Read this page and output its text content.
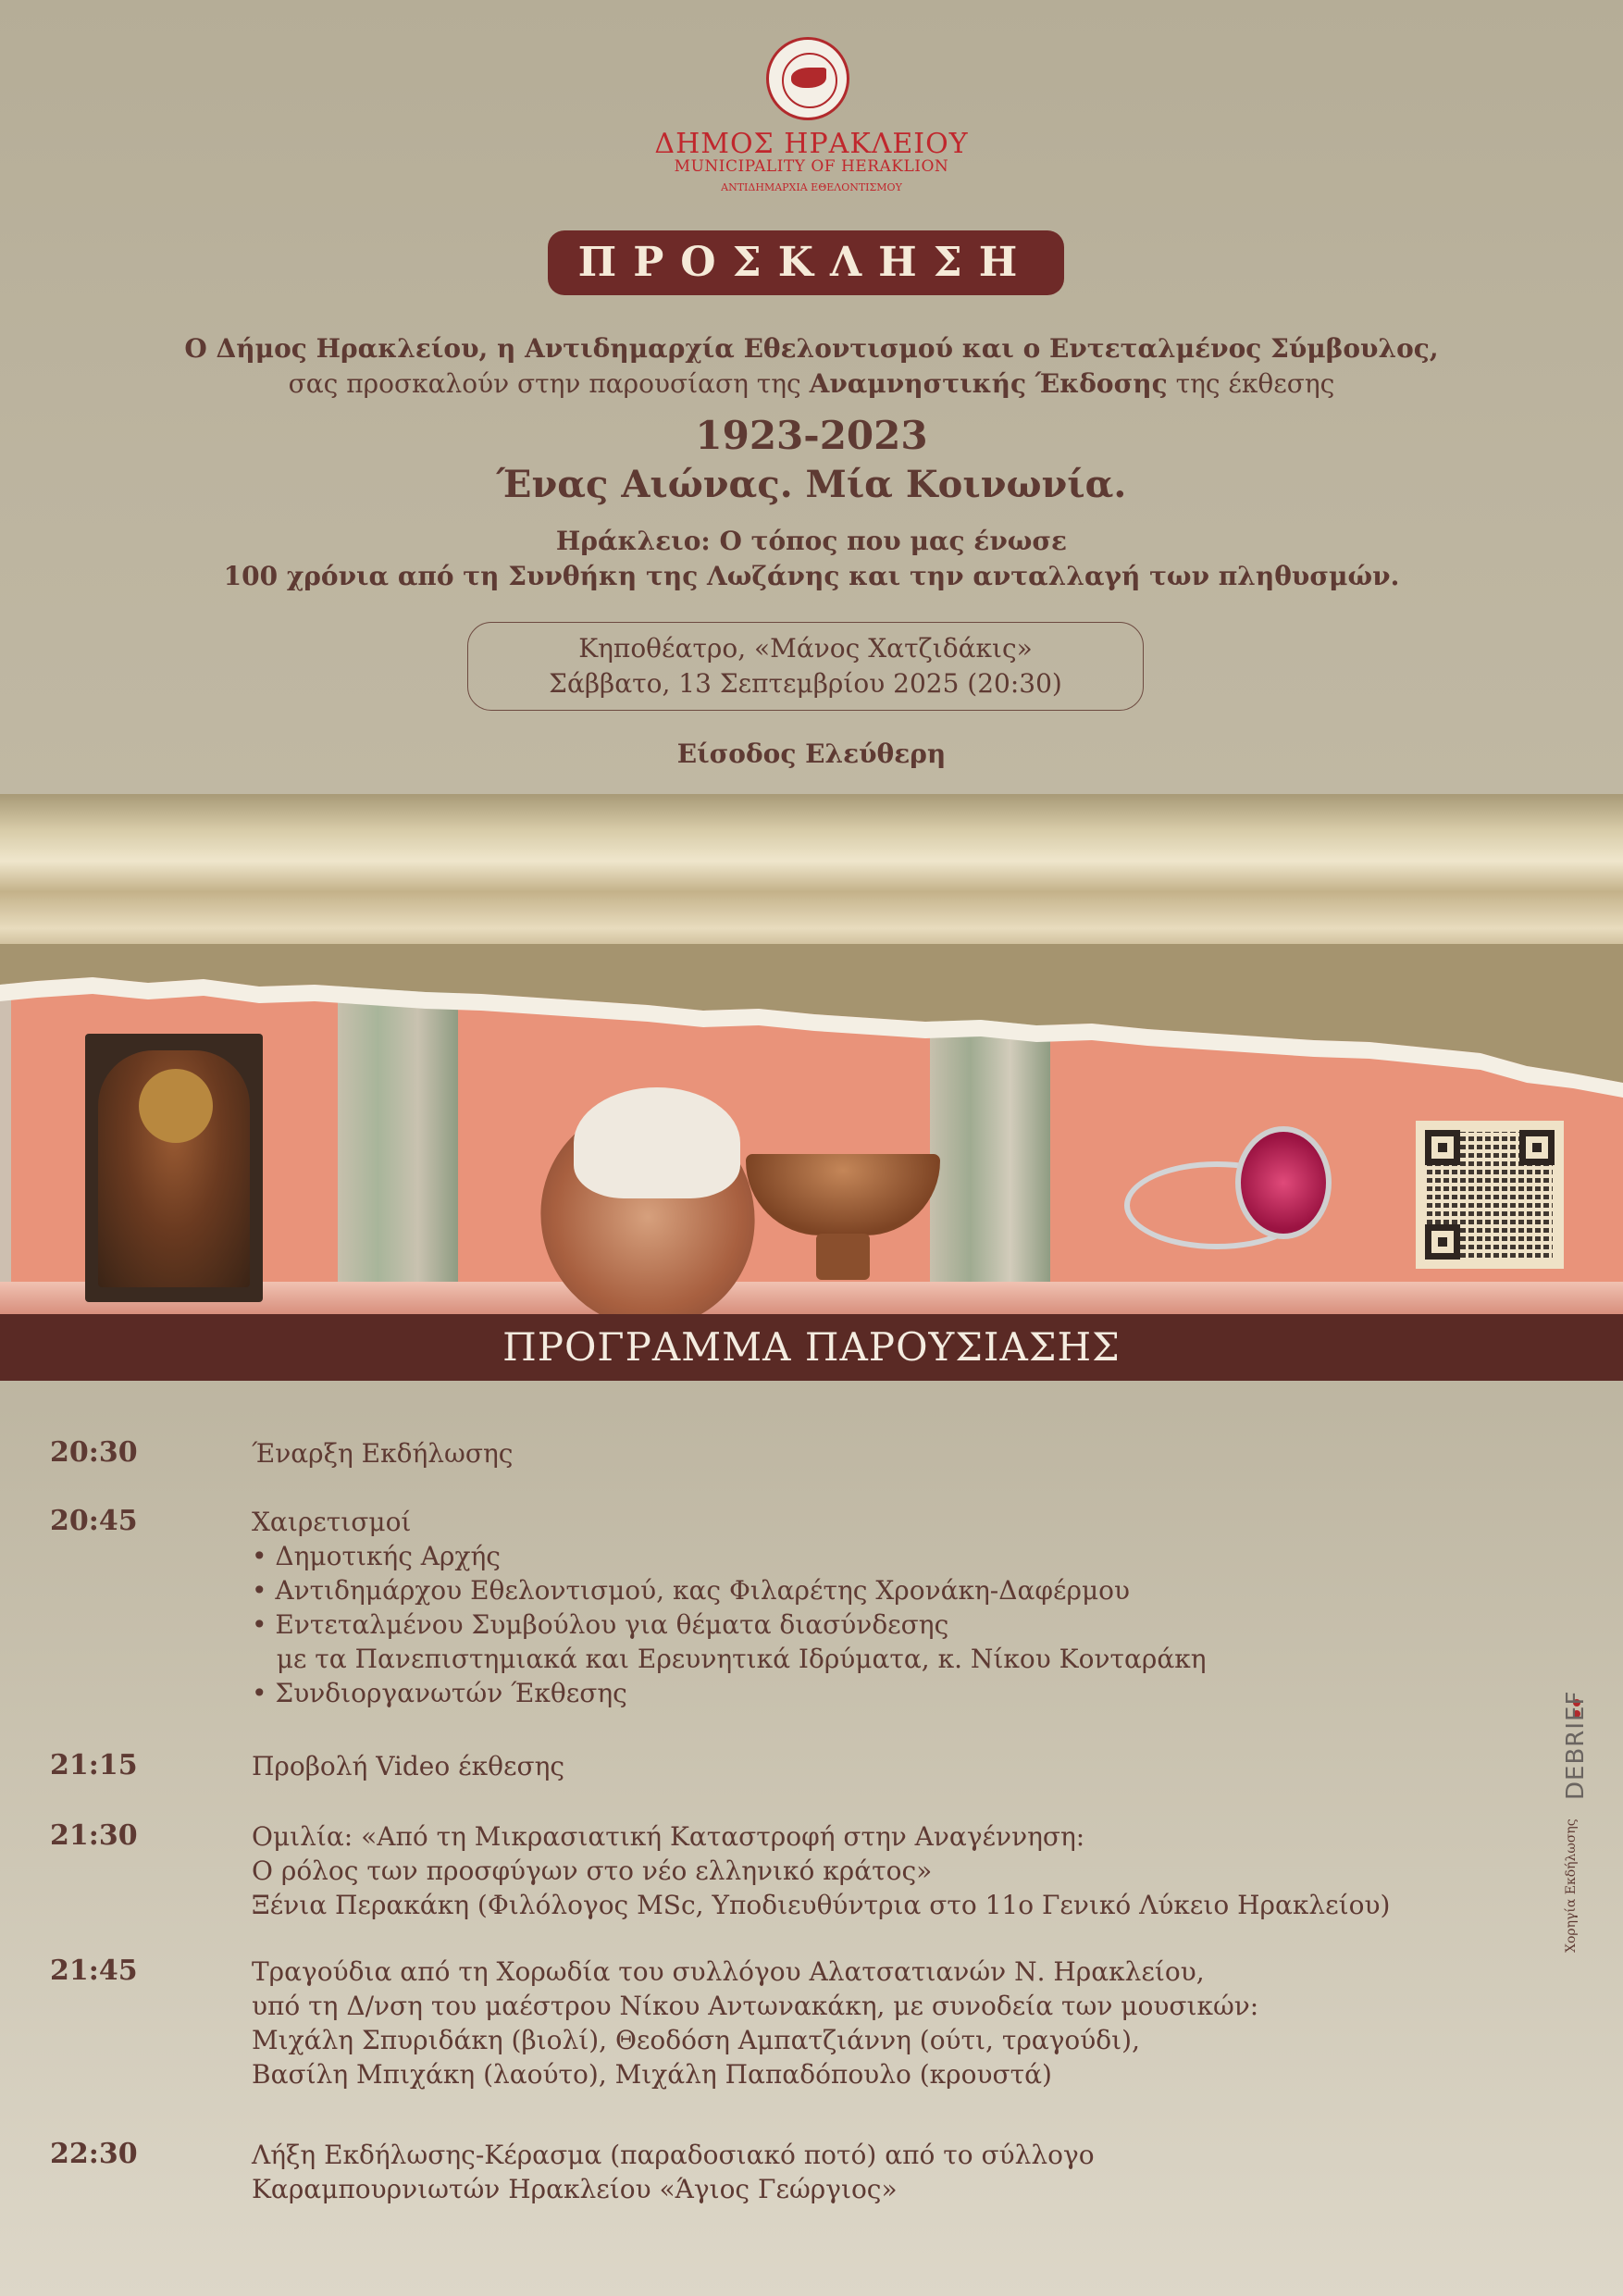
ΔΗΜΟΣ ΗΡΑΚΛΕΙΟΥ
MUNICIPALITY OF HERAKLION
ΑΝΤΙΔΗΜΑΡΧΙΑ ΕΘΕΛΟΝΤΙΣΜΟΥ
ΠΡΟΣΚΛΗΣΗ
Ο Δήμος Ηρακλείου, η Αντιδημαρχία Εθελοντισμού και ο Εντεταλμένος Σύμβουλος,
σας προσκαλούν στην παρουσίαση της Αναμνηστικής Έκδοσης της έκθεσης
1923-2023
Ένας Αιώνας. Μία Κοινωνία.
Ηράκλειο: Ο τόπος που μας ένωσε
100 χρόνια από τη Συνθήκη της Λωζάνης και την ανταλλαγή των πληθυσμών.
Κηποθέατρο, «Μάνος Χατζιδάκις»
Σάββατο, 13 Σεπτεμβρίου 2025 (20:30)
Είσοδος Ελεύθερη
ΠΡΟΓΡΑΜΜΑ ΠΑΡΟΥΣΙΑΣΗΣ
20:30	Έναρξη Εκδήλωσης
20:45	Χαιρετισμοί
• Δημοτικής Αρχής
• Αντιδημάρχου Εθελοντισμού, κας Φιλαρέτης Χρονάκη-Δαφέρμου
• Εντεταλμένου Συμβούλου για θέματα διασύνδεσης
με τα Πανεπιστημιακά και Ερευνητικά Ιδρύματα, κ. Νίκου Κονταράκη
• Συνδιοργανωτών Έκθεσης
21:15	Προβολή Video έκθεσης
21:30	Ομιλία: «Από τη Μικρασιατική Καταστροφή στην Αναγέννηση:
Ο ρόλος των προσφύγων στο νέο ελληνικό κράτος»
Ξένια Περακάκη (Φιλόλογος MSc, Υποδιευθύντρια στο 11ο Γενικό Λύκειο Ηρακλείου)
21:45	Τραγούδια από τη Χορωδία του συλλόγου Αλατσατιανών Ν. Ηρακλείου,
υπό τη Δ/νση του μαέστρου Νίκου Αντωνακάκη, με συνοδεία των μουσικών:
Μιχάλη Σπυριδάκη (βιολί), Θεοδόση Αμπατζιάννη (ούτι, τραγούδι),
Βασίλη Μπιχάκη (λαούτο), Μιχάλη Παπαδόπουλο (κρουστά)
22:30	Λήξη Εκδήλωσης-Κέρασμα (παραδοσιακό ποτό) από το σύλλογο
Καραμπουρνιωτών Ηρακλείου «Άγιος Γεώργιος»
DEBRIEF
Χορηγία Εκδήλωσης
